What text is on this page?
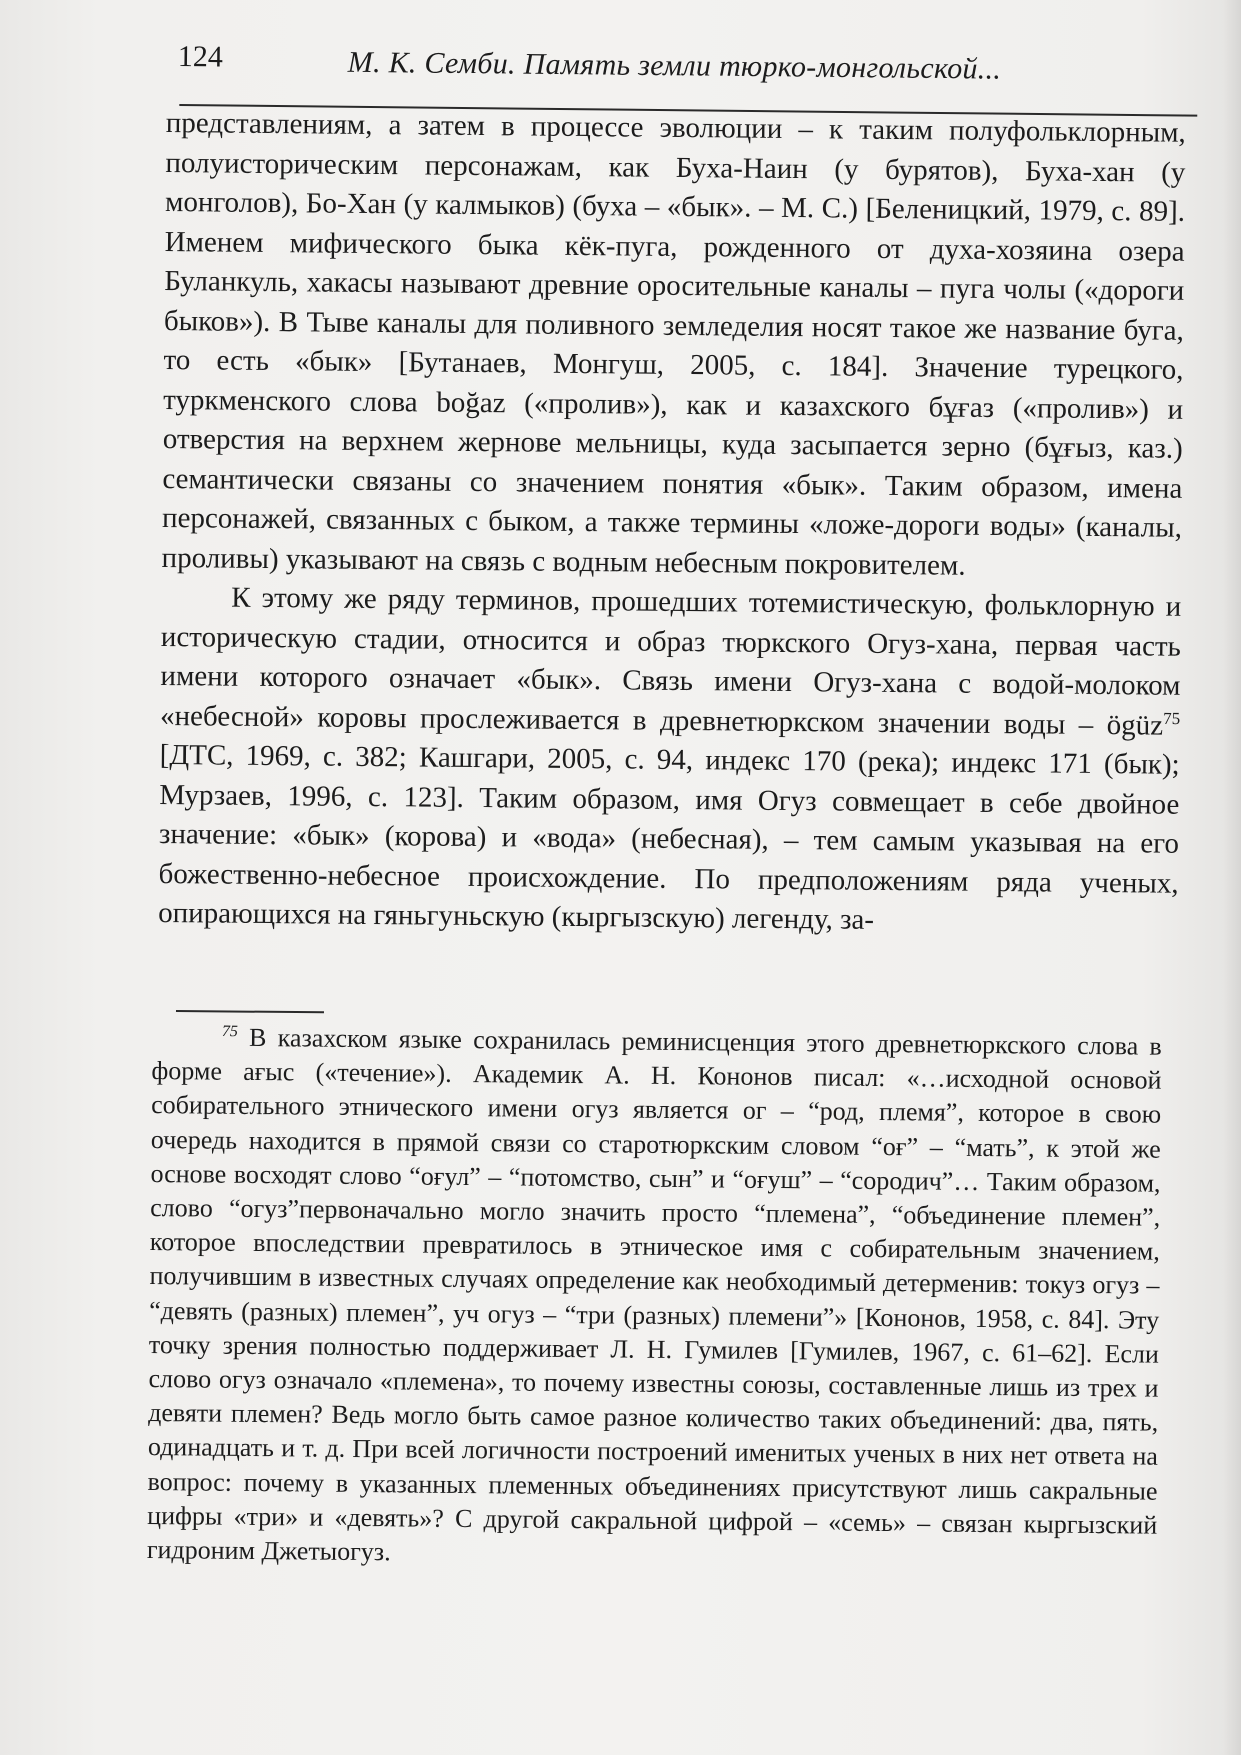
124	М. К. Семби. Память земли тюрко-монгольской...

представлениям, а затем в процессе эволюции – к таким полуфольклорным, полуисторическим персонажам, как Буха-Наин (у бурятов), Буха-хан (у монголов), Бо-Хан (у калмыков) (буха – «бык». – М. С.) [Беленицкий, 1979, с. 89]. Именем мифического быка кёк-пуга, рожденного от духа-хозяина озера Буланкуль, хакасы называют древние оросительные каналы – пуга чолы («дороги быков»). В Тыве каналы для поливного земледелия носят такое же название буга, то есть «бык» [Бутанаев, Монгуш, 2005, с. 184]. Значение турецкого, туркменского слова boğaz («пролив»), как и казахского бұғаз («пролив») и отверстия на верхнем жернове мельницы, куда засыпается зерно (бұғыз, каз.) семантически связаны со значением понятия «бык». Таким образом, имена персонажей, связанных с быком, а также термины «ложе-дороги воды» (каналы, проливы) указывают на связь с водным небесным покровителем.

К этому же ряду терминов, прошедших тотемистическую, фольклорную и историческую стадии, относится и образ тюркского Огуз-хана, первая часть имени которого означает «бык». Связь имени Огуз-хана с водой-молоком «небесной» коровы прослеживается в древнетюркском значении воды – ögüz$^{75}$ [ДТС, 1969, с. 382; Кашгари, 2005, с. 94, индекс 170 (река); индекс 171 (бык); Мурзаев, 1996, с. 123]. Таким образом, имя Огуз совмещает в себе двойное значение: «бык» (корова) и «вода» (небесная), – тем самым указывая на его божественно-небесное происхождение. По предположениям ряда ученых, опирающихся на гяньгуньскую (кыргызскую) легенду, за-

$^{75}$ В казахском языке сохранилась реминисценция этого древнетюркского слова в форме ағыс («течение»). Академик А. Н. Кононов писал: «…исходной основой собирательного этнического имени огуз является ог – “род, племя”, которое в свою очередь находится в прямой связи со старотюркским словом “оғ” – “мать”, к этой же основе восходят слово “оғул” – “потомство, сын” и “оғуш” – “сородич”… Таким образом, слово “огуз”первоначально могло значить просто “племена”, “объединение племен”, которое впоследствии превратилось в этническое имя с собирательным значением, получившим в известных случаях определение как необходимый детерменив: токуз огуз – “девять (разных) племен”, уч огуз – “три (разных) племени”» [Кононов, 1958, с. 84]. Эту точку зрения полностью поддерживает Л. Н. Гумилев [Гумилев, 1967, с. 61–62]. Если слово огуз означало «племена», то почему известны союзы, составленные лишь из трех и девяти племен? Ведь могло быть самое разное количество таких объединений: два, пять, одинадцать и т. д. При всей логичности построений именитых ученых в них нет ответа на вопрос: почему в указанных племенных объединениях присутствуют лишь сакральные цифры «три» и «девять»? С другой сакральной цифрой – «семь» – связан кыргызский гидроним Джетыогуз.
